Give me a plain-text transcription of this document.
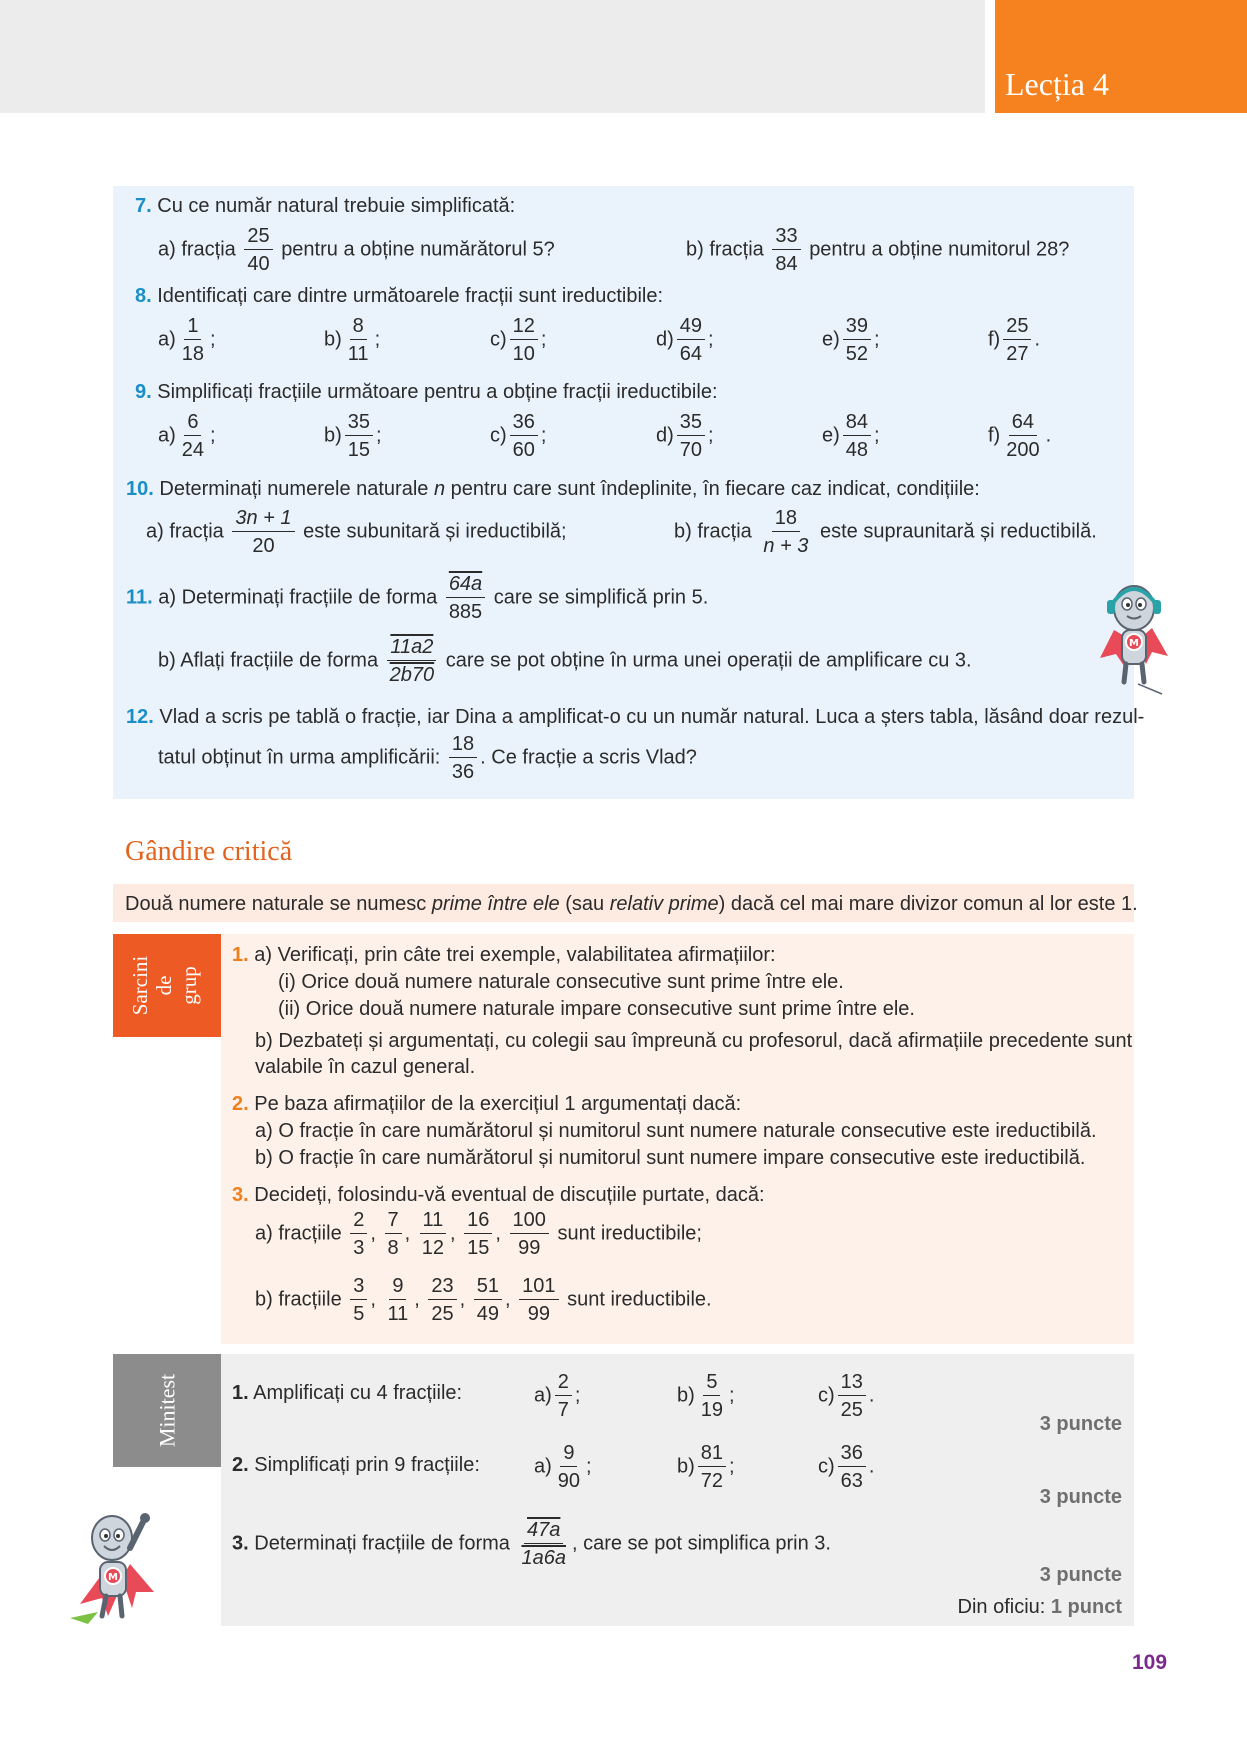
Lecția 4
7. Cu ce număr natural trebuie simplificată:
a) fracția $\frac{25}{40}$ pentru a obține numărătorul 5?	b) fracția $\frac{33}{84}$ pentru a obține numitorul 28?
8. Identificați care dintre următoarele fracții sunt ireductibile:
$a) \frac{1}{18}$ ;	$b) \frac{8}{11}$ ;	$c) \frac{12}{10}$ ;	$d) \frac{49}{64}$ ;	$e) \frac{39}{52}$ ;	$f) \frac{25}{27}$ .
9. Simplificați fracțiile următoare pentru a obține fracții ireductibile:
$a) \frac{6}{24}$ ;	$b) \frac{35}{15}$ ;	$c) \frac{36}{60}$ ;	$d) \frac{35}{70}$ ;	$e) \frac{84}{48}$ ;	$f) \frac{64}{200}$ .
10. Determinați numerele naturale n pentru care sunt îndeplinite, în fiecare caz indicat, condițiile:
a) fracția $\frac{3n + 1}{20}$ este subunitară și ireductibilă;	b) fracția $\frac{18}{n + 3}$ este supraunitară și reductibilă.
11. a) Determinați fracțiile de forma $\frac{64a}{885}$ care se simplifică prin 5.
b) Aflați fracțiile de forma $\frac{11a2}{2b70}$ care se pot obține în urma unei operații de amplificare cu 3.
12. Vlad a scris pe tablă o fracție, iar Dina a amplificat-o cu un număr natural. Luca a șters tabla, lăsând doar rezul-
tatul obținut în urma amplificării: $\frac{18}{36}$ . Ce fracție a scris Vlad?
M
Gândire critică
Două numere naturale se numesc prime între ele (sau relativ prime) dacă cel mai mare divizor comun al lor este 1.
Sarcini de grup
1. a) Verificați, prin câte trei exemple, valabilitatea afirmațiilor:
(i) Orice două numere naturale consecutive sunt prime între ele.
(ii) Orice două numere naturale impare consecutive sunt prime între ele.
b) Dezbateți și argumentați, cu colegii sau împreună cu profesorul, dacă afirmațiile precedente sunt
valabile în cazul general.
2. Pe baza afirmațiilor de la exercițiul 1 argumentați dacă:
a) O fracție în care numărătorul și numitorul sunt numere naturale consecutive este ireductibilă.
b) O fracție în care numărătorul și numitorul sunt numere impare consecutive este ireductibilă.
3. Decideți, folosindu-vă eventual de discuțiile purtate, dacă:
a) fracțiile $\frac{2}{3}$ , $\frac{7}{8}$ , $\frac{11}{12}$ , $\frac{16}{15}$ , $\frac{100}{99}$ sunt ireductibile;
b) fracțiile $\frac{3}{5}$ , $\frac{9}{11}$ , $\frac{23}{25}$ , $\frac{51}{49}$ , $\frac{101}{99}$ sunt ireductibile.
Minitest	1. Amplificați cu 4 fracțiile:	$a) \frac{2}{7}$ ;	$b) \frac{5}{19}$ ;	$c) \frac{13}{25}$ .
3 puncte
2. Simplificați prin 9 fracțiile:	$a) \frac{9}{90}$ ;	$b) \frac{81}{72}$ ;	$c) \frac{36}{63}$ .
3 puncte
3. Determinați fracțiile de forma $\frac{47a}{1a6a}$ , care se pot simplifica prin 3.
3 puncte
Din oficiu: 1 punct
M
109
